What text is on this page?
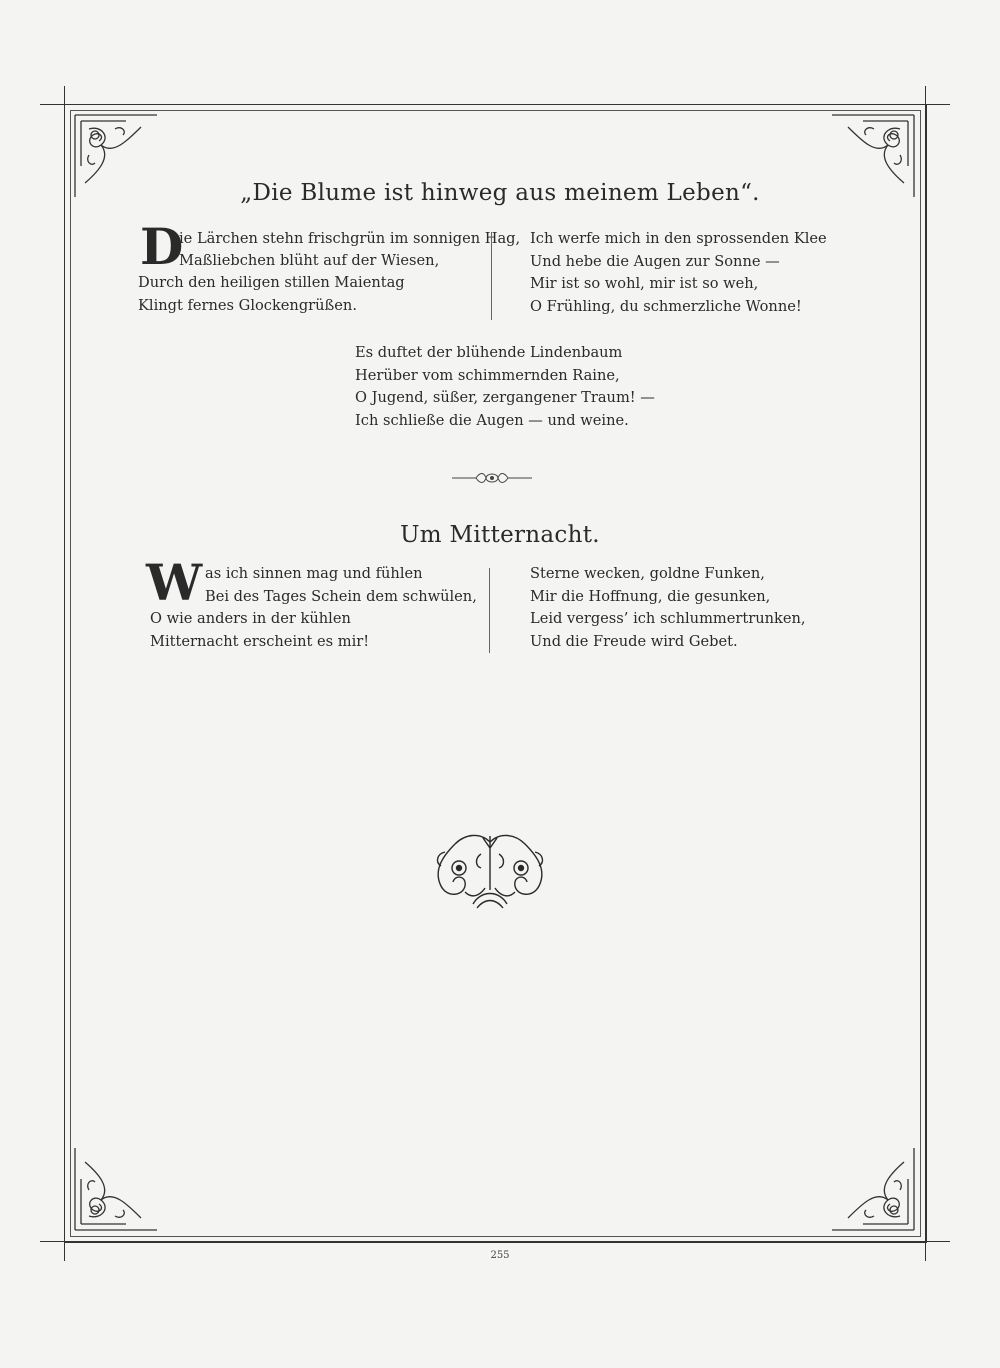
„Die Blume ist hinweg aus meinem Leben“.
D
ie Lärchen stehn frischgrün im sonnigen Hag,
Maßliebchen blüht auf der Wiesen,
Durch den heiligen stillen Maientag
Klingt fernes Glockengrüßen.
Ich werfe mich in den sprossenden Klee
Und hebe die Augen zur Sonne —
Mir ist so wohl, mir ist so weh,
O Frühling, du schmerzliche Wonne!
Es duftet der blühende Lindenbaum
Herüber vom schimmernden Raine,
O Jugend, süßer, zergangener Traum! —
Ich schließe die Augen — und weine.
Um Mitternacht.
W as ich sinnen mag und fühlen
Bei des Tages Schein dem schwülen,
O wie anders in der kühlen
Mitternacht erscheint es mir!
Sterne wecken, goldne Funken,
Mir die Hoffnung, die gesunken,
Leid vergess’ ich schlummertrunken,
Und die Freude wird Gebet.
255
